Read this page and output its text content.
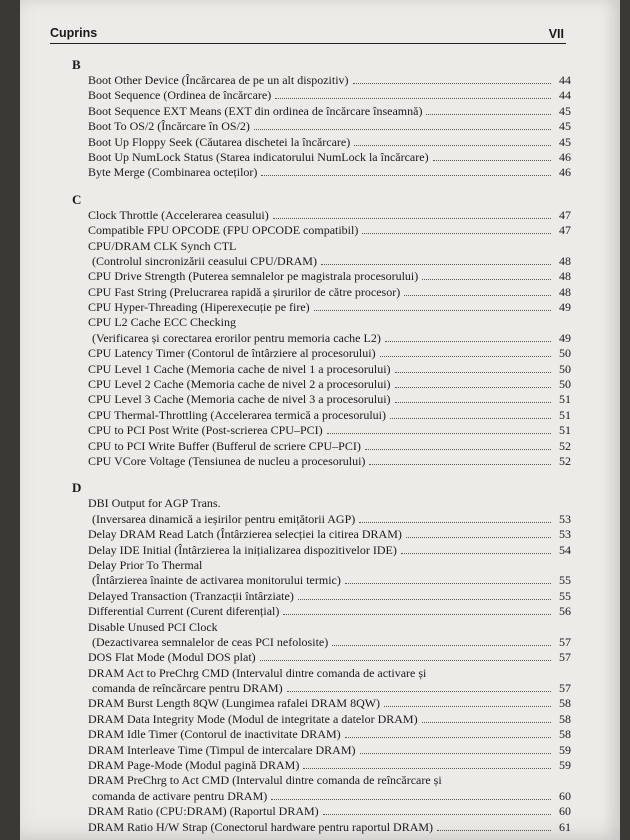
Cuprins	VII
B
Boot Other Device (Încărcarea de pe un alt dispozitiv)	44
Boot Sequence (Ordinea de încărcare)	44
Boot Sequence EXT Means (EXT din ordinea de încărcare înseamnă)	45
Boot To OS/2 (Încărcare în OS/2)	45
Boot Up Floppy Seek (Căutarea dischetei la încărcare)	45
Boot Up NumLock Status (Starea indicatorului NumLock la încărcare)	46
Byte Merge (Combinarea octeților)	46
C
Clock Throttle (Accelerarea ceasului)	47
Compatible FPU OPCODE (FPU OPCODE compatibil)	47
CPU/DRAM CLK Synch CTL
(Controlul sincronizării ceasului CPU/DRAM)	48
CPU Drive Strength (Puterea semnalelor pe magistrala procesorului)	48
CPU Fast String (Prelucrarea rapidă a șirurilor de către procesor)	48
CPU Hyper-Threading (Hiperexecuție pe fire)	49
CPU L2 Cache ECC Checking
(Verificarea și corectarea erorilor pentru memoria cache L2)	49
CPU Latency Timer (Contorul de întârziere al procesorului)	50
CPU Level 1 Cache (Memoria cache de nivel 1 a procesorului)	50
CPU Level 2 Cache (Memoria cache de nivel 2 a procesorului)	50
CPU Level 3 Cache (Memoria cache de nivel 3 a procesorului)	51
CPU Thermal-Throttling (Accelerarea termică a procesorului)	51
CPU to PCI Post Write (Post-scrierea CPU–PCI)	51
CPU to PCI Write Buffer (Bufferul de scriere CPU–PCI)	52
CPU VCore Voltage (Tensiunea de nucleu a procesorului)	52
D
DBI Output for AGP Trans.
(Inversarea dinamică a ieșirilor pentru emițătorii AGP)	53
Delay DRAM Read Latch (Întârzierea selecției la citirea DRAM)	53
Delay IDE Initial (Întârzierea la inițializarea dispozitivelor IDE)	54
Delay Prior To Thermal
(Întârzierea înainte de activarea monitorului termic)	55
Delayed Transaction (Tranzacții întârziate)	55
Differential Current (Curent diferențial)	56
Disable Unused PCI Clock
(Dezactivarea semnalelor de ceas PCI nefolosite)	57
DOS Flat Mode (Modul DOS plat)	57
DRAM Act to PreChrg CMD (Intervalul dintre comanda de activare și
comanda de reîncărcare pentru DRAM)	57
DRAM Burst Length 8QW (Lungimea rafalei DRAM 8QW)	58
DRAM Data Integrity Mode (Modul de integritate a datelor DRAM)	58
DRAM Idle Timer (Contorul de inactivitate DRAM)	58
DRAM Interleave Time (Timpul de intercalare DRAM)	59
DRAM Page-Mode (Modul pagină DRAM)	59
DRAM PreChrg to Act CMD (Intervalul dintre comanda de reîncărcare și
comanda de activare pentru DRAM)	60
DRAM Ratio (CPU:DRAM) (Raportul DRAM)	60
DRAM Ratio H/W Strap (Conectorul hardware pentru raportul DRAM)	61
